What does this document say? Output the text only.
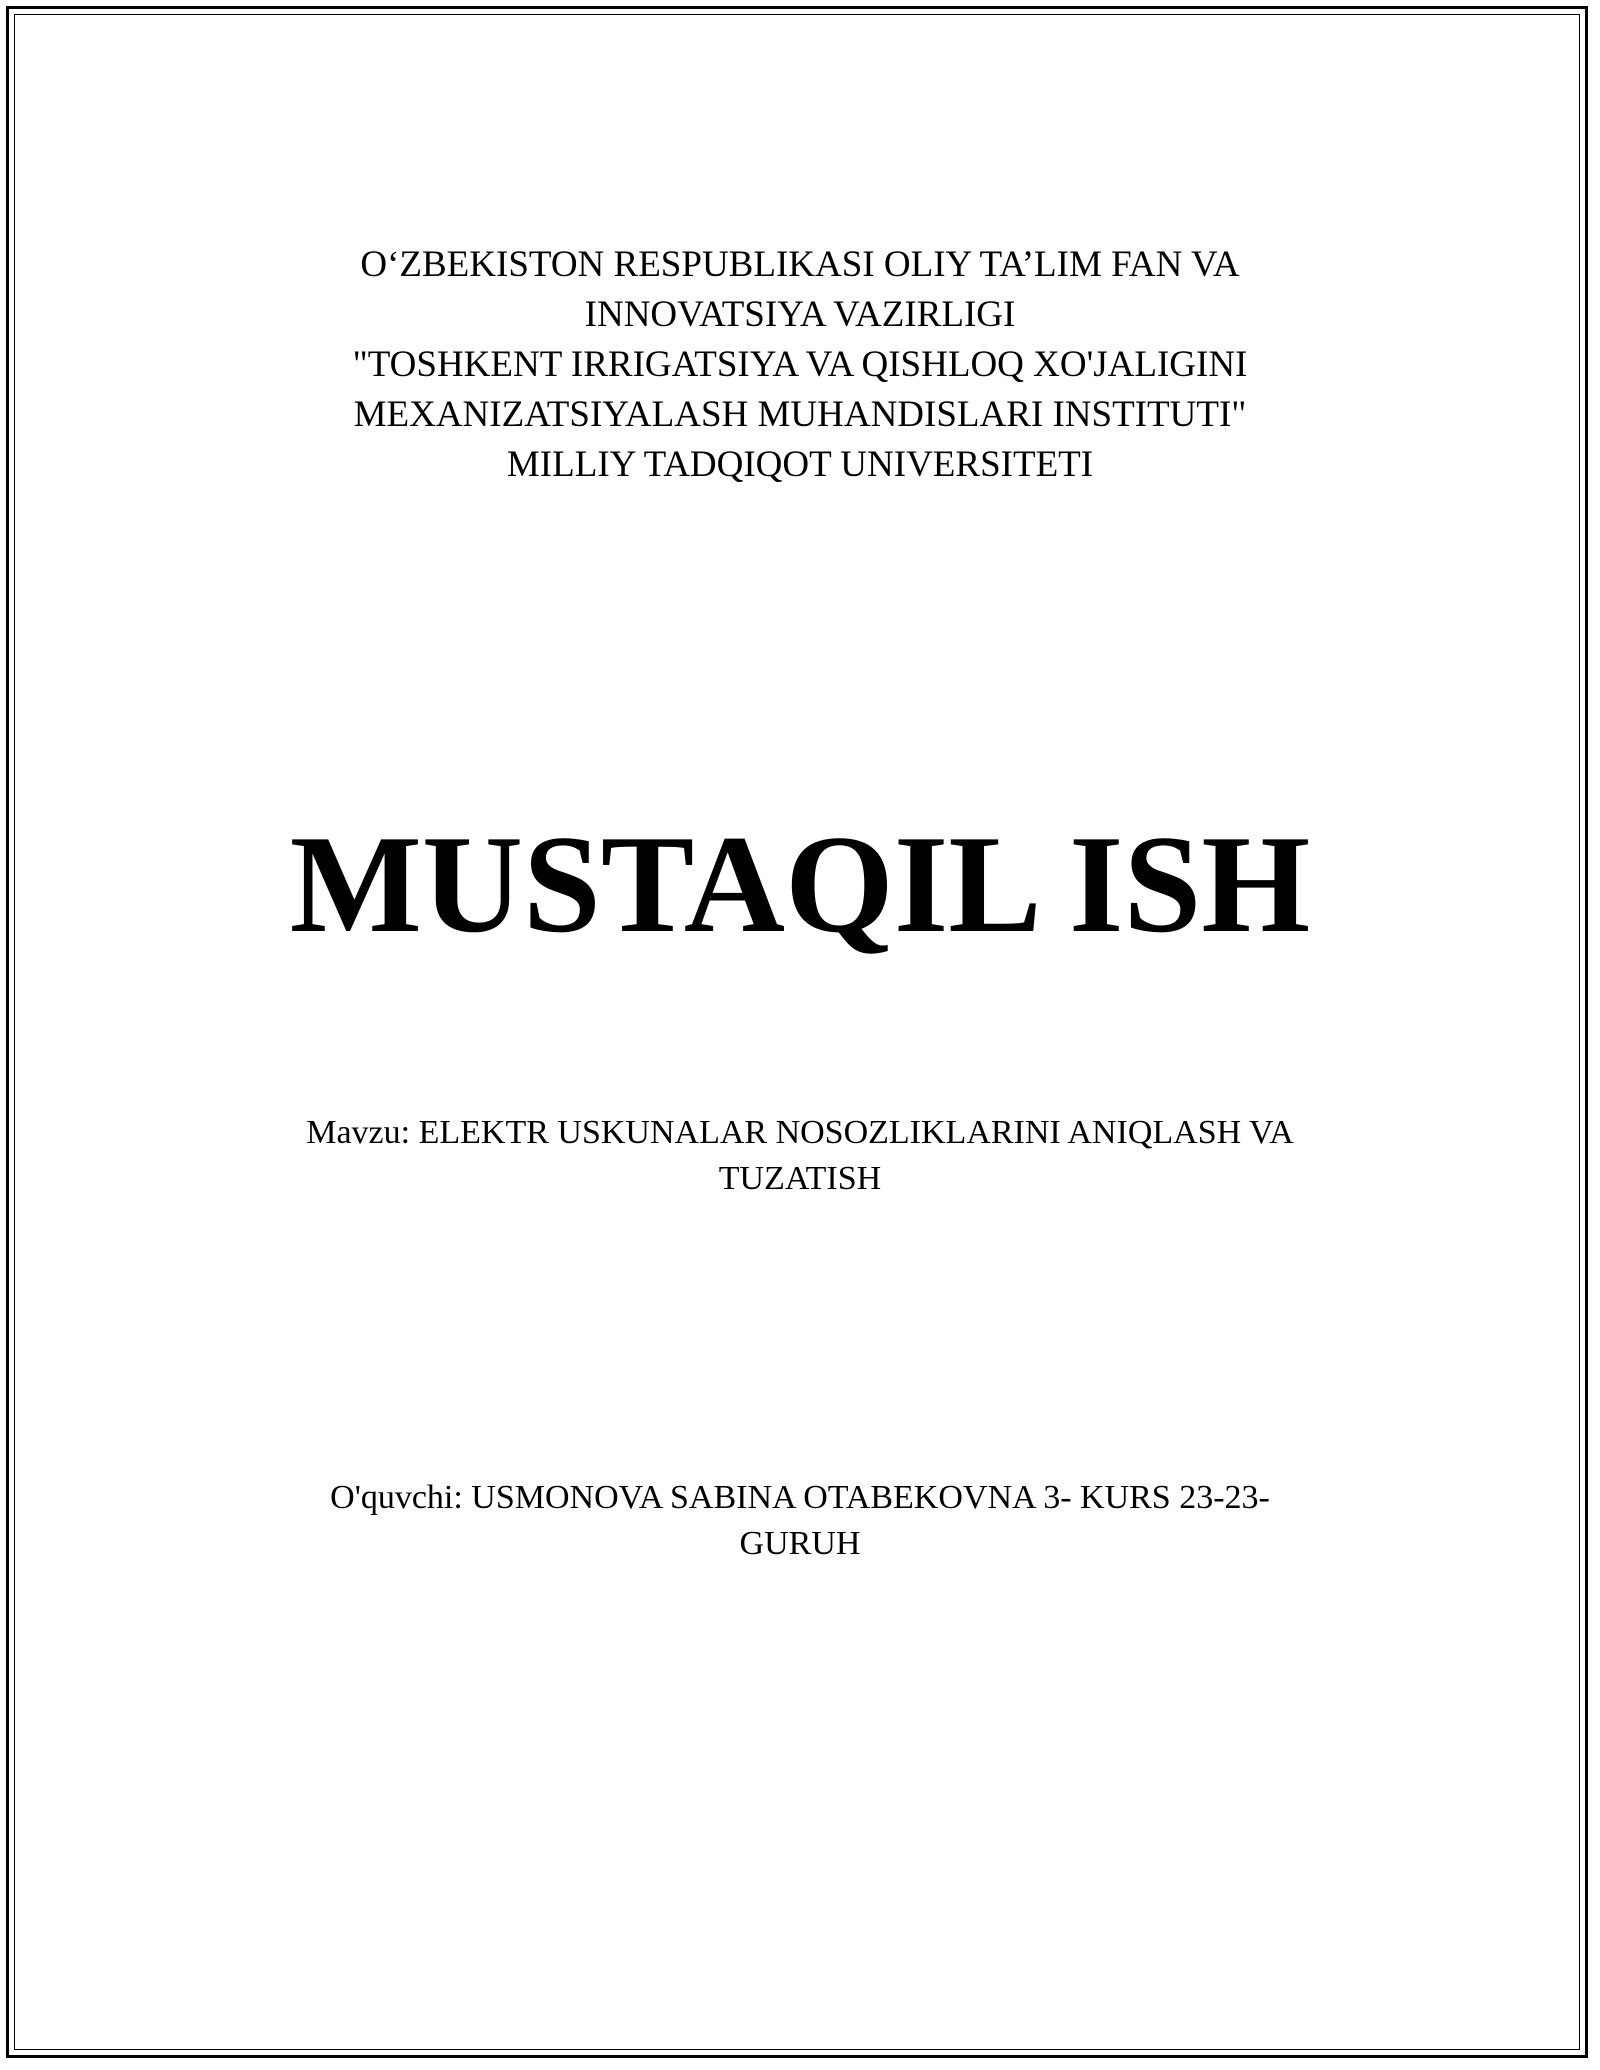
O‘ZBEKISTON RESPUBLIKASI OLIY TA’LIM FAN VA
INNOVATSIYA VAZIRLIGI
"TOSHKENT IRRIGATSIYA VA QISHLOQ XO'JALIGINI
MEXANIZATSIYALASH MUHANDISLARI INSTITUTI"
MILLIY TADQIQOT UNIVERSITETI
MUSTAQIL ISH
Mavzu: ELEKTR USKUNALAR NOSOZLIKLARINI ANIQLASH VA
TUZATISH
O'quvchi: USMONOVA SABINA OTABEKOVNA 3- KURS 23-23-
GURUH
